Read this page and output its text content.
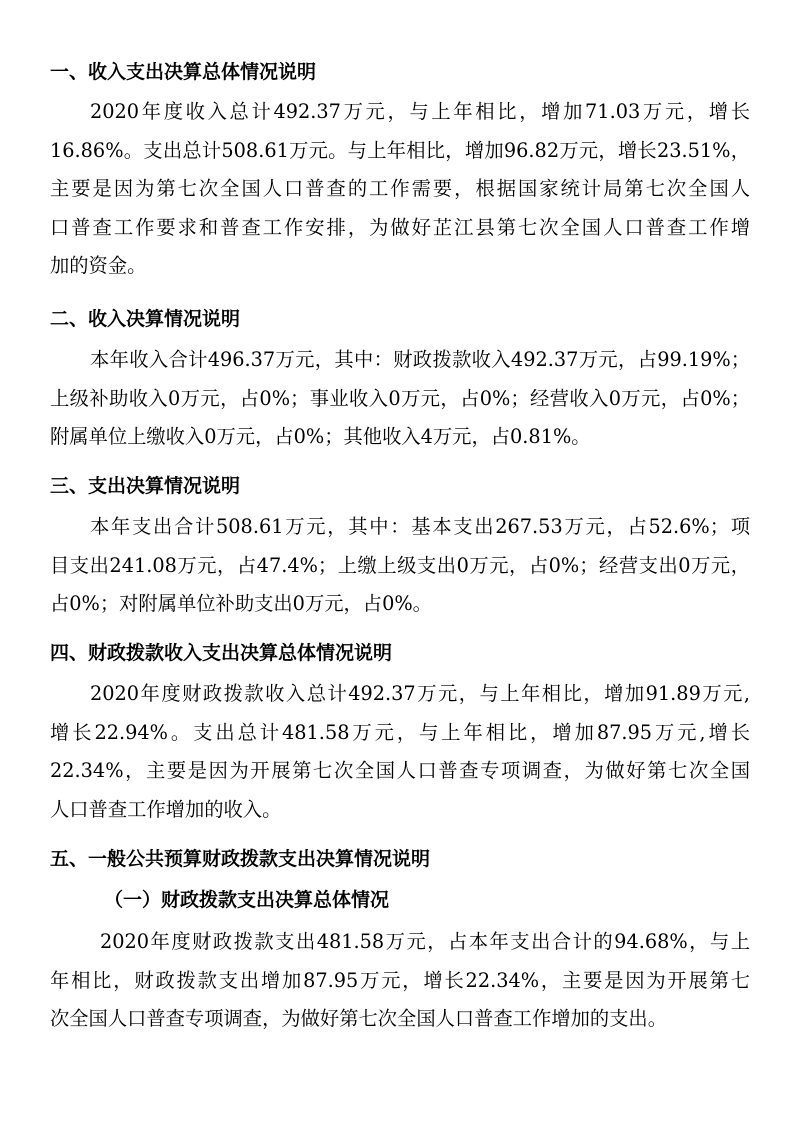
一、收入支出决算总体情况说明
2020年度收入总计492.37万元，与上年相比，增加71.03万元，增长
16.86%。支出总计508.61万元。与上年相比，增加96.82万元，增长23.51%，
主要是因为第七次全国人口普查的工作需要，根据国家统计局第七次全国人
口普查工作要求和普查工作安排，为做好芷江县第七次全国人口普查工作增
加的资金。
二、收入决算情况说明
本年收入合计496.37万元，其中：财政拨款收入492.37万元，占99.19%；
上级补助收入0万元，占0%；事业收入0万元，占0%；经营收入0万元，占0%；
附属单位上缴收入0万元，占0%；其他收入4万元，占0.81%。
三、支出决算情况说明
本年支出合计508.61万元，其中：基本支出267.53万元，占52.6%；项
目支出241.08万元，占47.4%；上缴上级支出0万元，占0%；经营支出0万元，
占0%；对附属单位补助支出0万元，占0%。
四、财政拨款收入支出决算总体情况说明
2020年度财政拨款收入总计492.37万元，与上年相比，增加91.89万元,
增长22.94%。支出总计481.58万元，与上年相比，增加87.95万元,增长
22.34%，主要是因为开展第七次全国人口普查专项调查，为做好第七次全国
人口普查工作增加的收入。
五、一般公共预算财政拨款支出决算情况说明
（一）财政拨款支出决算总体情况
2020年度财政拨款支出481.58万元，占本年支出合计的94.68%，与上
年相比，财政拨款支出增加87.95万元，增长22.34%，主要是因为开展第七
次全国人口普查专项调查，为做好第七次全国人口普查工作增加的支出。
